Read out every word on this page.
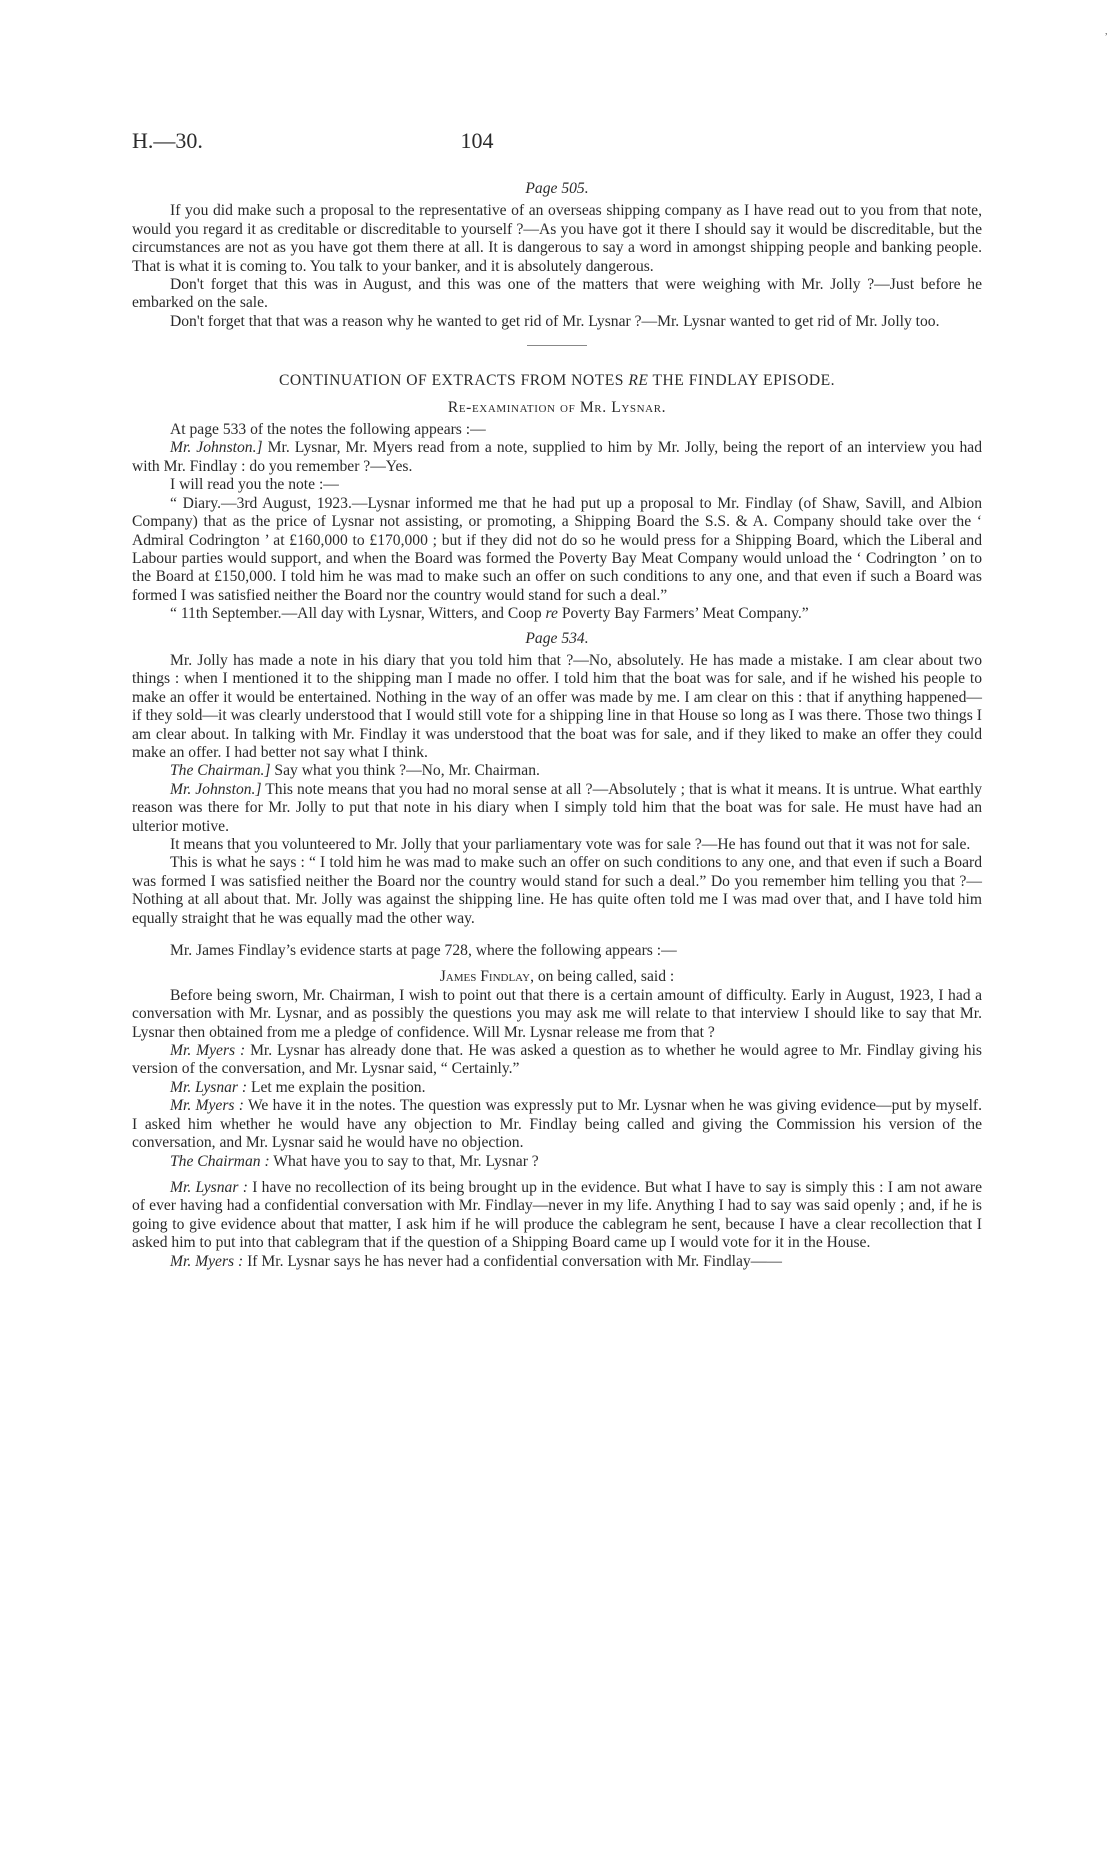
,
H.—30.	104
Page 505.

If you did make such a proposal to the representative of an overseas shipping company as I have read out to you from that note, would you regard it as creditable or discreditable to yourself ?—As you have got it there I should say it would be discreditable, but the circumstances are not as you have got them there at all. It is dangerous to say a word in amongst shipping people and banking people. That is what it is coming to. You talk to your banker, and it is absolutely dangerous.

Don't forget that this was in August, and this was one of the matters that were weighing with Mr. Jolly ?—Just before he embarked on the sale.

Don't forget that that was a reason why he wanted to get rid of Mr. Lysnar ?—Mr. Lysnar wanted to get rid of Mr. Jolly too.

CONTINUATION OF EXTRACTS FROM NOTES RE THE FINDLAY EPISODE.
Re-examination of Mr. Lysnar.

At page 533 of the notes the following appears :—

Mr. Johnston.] Mr. Lysnar, Mr. Myers read from a note, supplied to him by Mr. Jolly, being the report of an interview you had with Mr. Findlay : do you remember ?—Yes.

I will read you the note :—

“ Diary.—3rd August, 1923.—Lysnar informed me that he had put up a proposal to Mr. Findlay (of Shaw, Savill, and Albion Company) that as the price of Lysnar not assisting, or promoting, a Shipping Board the S.S. & A. Company should take over the ‘ Admiral Codrington ’ at £160,000 to £170,000 ; but if they did not do so he would press for a Shipping Board, which the Liberal and Labour parties would support, and when the Board was formed the Poverty Bay Meat Company would unload the ‘ Codrington ’ on to the Board at £150,000. I told him he was mad to make such an offer on such conditions to any one, and that even if such a Board was formed I was satisfied neither the Board nor the country would stand for such a deal.”

“ 11th September.—All day with Lysnar, Witters, and Coop re Poverty Bay Farmers’ Meat Company.”

Page 534.

Mr. Jolly has made a note in his diary that you told him that ?—No, absolutely. He has made a mistake. I am clear about two things : when I mentioned it to the shipping man I made no offer. I told him that the boat was for sale, and if he wished his people to make an offer it would be entertained. Nothing in the way of an offer was made by me. I am clear on this : that if anything happened—if they sold—it was clearly understood that I would still vote for a shipping line in that House so long as I was there. Those two things I am clear about. In talking with Mr. Findlay it was understood that the boat was for sale, and if they liked to make an offer they could make an offer. I had better not say what I think.

The Chairman.] Say what you think ?—No, Mr. Chairman.

Mr. Johnston.] This note means that you had no moral sense at all ?—Absolutely ; that is what it means. It is untrue. What earthly reason was there for Mr. Jolly to put that note in his diary when I simply told him that the boat was for sale. He must have had an ulterior motive.

It means that you volunteered to Mr. Jolly that your parliamentary vote was for sale ?—He has found out that it was not for sale.

This is what he says : “ I told him he was mad to make such an offer on such conditions to any one, and that even if such a Board was formed I was satisfied neither the Board nor the country would stand for such a deal.” Do you remember him telling you that ?—Nothing at all about that. Mr. Jolly was against the shipping line. He has quite often told me I was mad over that, and I have told him equally straight that he was equally mad the other way.

Mr. James Findlay’s evidence starts at page 728, where the following appears :—

James Findlay, on being called, said :

Before being sworn, Mr. Chairman, I wish to point out that there is a certain amount of difficulty. Early in August, 1923, I had a conversation with Mr. Lysnar, and as possibly the questions you may ask me will relate to that interview I should like to say that Mr. Lysnar then obtained from me a pledge of confidence. Will Mr. Lysnar release me from that ?

Mr. Myers : Mr. Lysnar has already done that. He was asked a question as to whether he would agree to Mr. Findlay giving his version of the conversation, and Mr. Lysnar said, “ Certainly.”

Mr. Lysnar : Let me explain the position.

Mr. Myers : We have it in the notes. The question was expressly put to Mr. Lysnar when he was giving evidence—put by myself. I asked him whether he would have any objection to Mr. Findlay being called and giving the Commission his version of the conversation, and Mr. Lysnar said he would have no objection.

The Chairman : What have you to say to that, Mr. Lysnar ?

Mr. Lysnar : I have no recollection of its being brought up in the evidence. But what I have to say is simply this : I am not aware of ever having had a confidential conversation with Mr. Findlay—never in my life. Anything I had to say was said openly ; and, if he is going to give evidence about that matter, I ask him if he will produce the cablegram he sent, because I have a clear recollection that I asked him to put into that cablegram that if the question of a Shipping Board came up I would vote for it in the House.

Mr. Myers : If Mr. Lysnar says he has never had a confidential conversation with Mr. Findlay——
